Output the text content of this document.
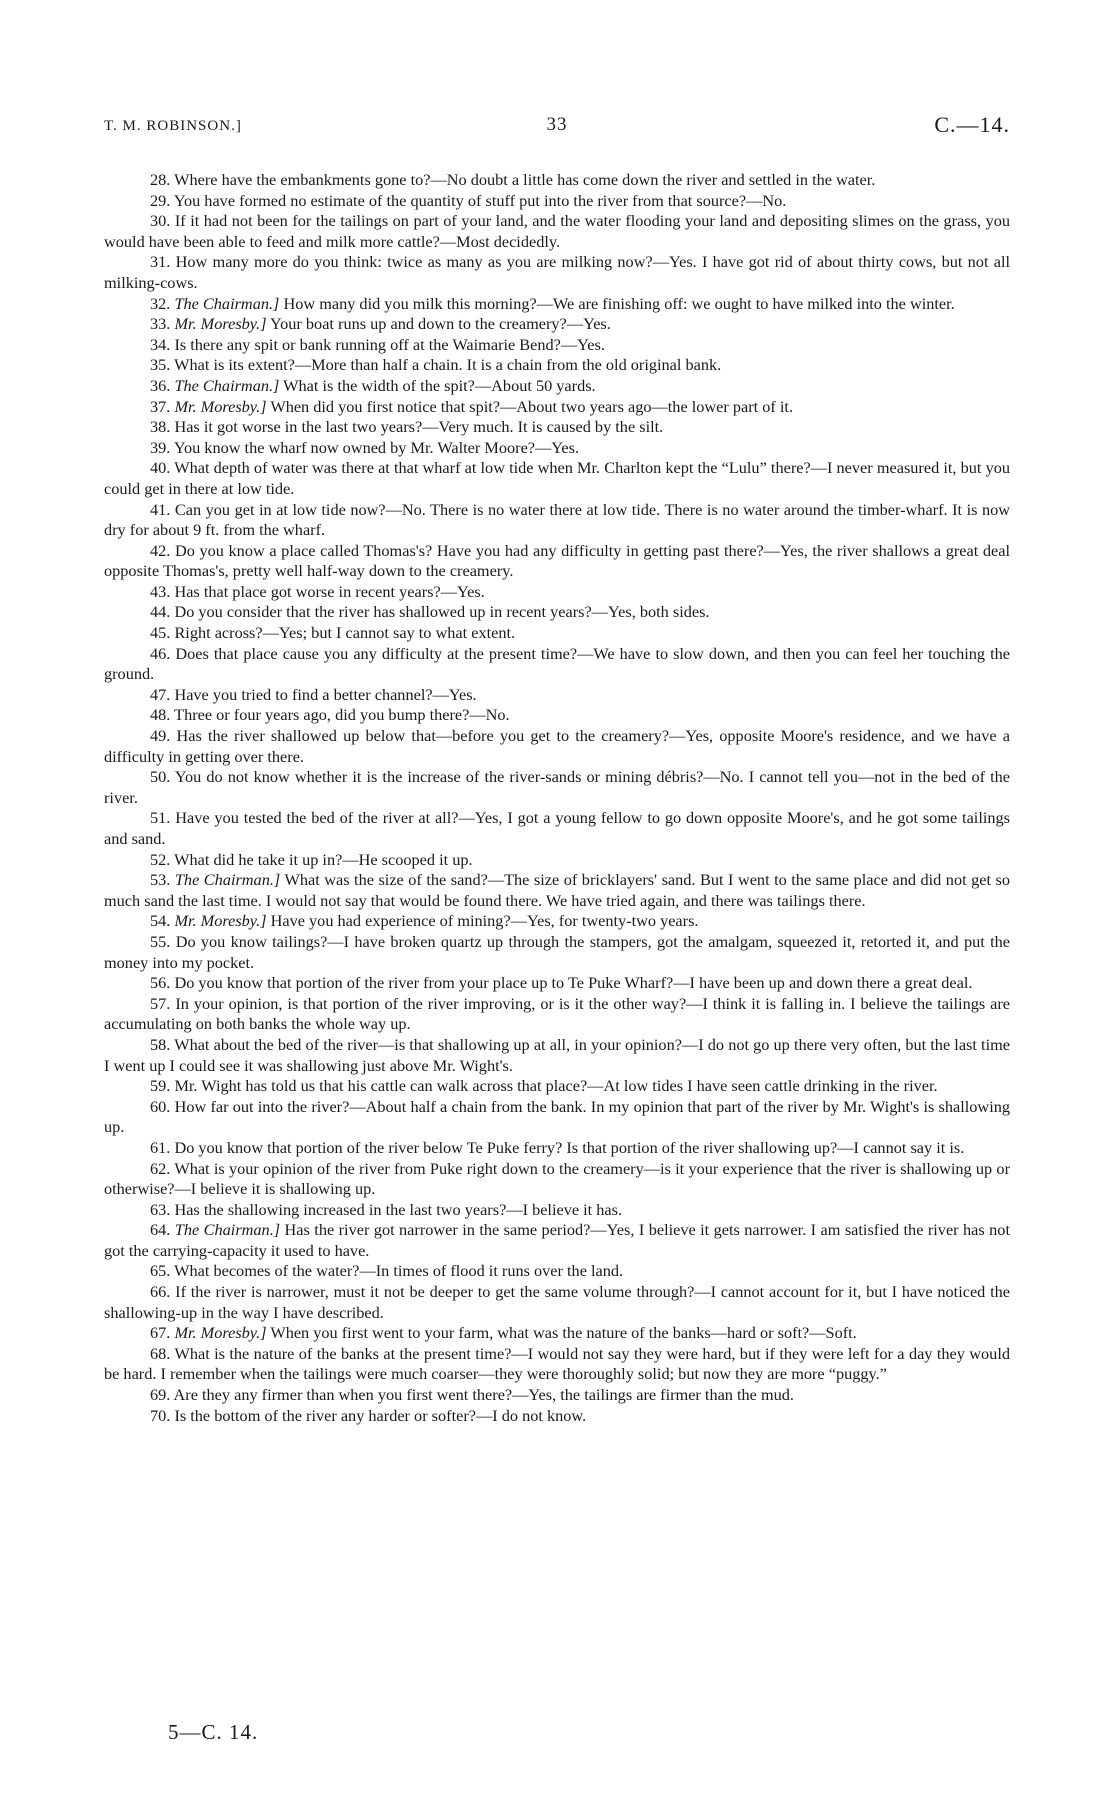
T. M. ROBINSON.]	33	C.—14.

28. Where have the embankments gone to?—No doubt a little has come down the river and settled in the water.

29. You have formed no estimate of the quantity of stuff put into the river from that source?—No.

30. If it had not been for the tailings on part of your land, and the water flooding your land and depositing slimes on the grass, you would have been able to feed and milk more cattle?—Most decidedly.

31. How many more do you think: twice as many as you are milking now?—Yes. I have got rid of about thirty cows, but not all milking-cows.

32. The Chairman.] How many did you milk this morning?—We are finishing off: we ought to have milked into the winter.

33. Mr. Moresby.] Your boat runs up and down to the creamery?—Yes.

34. Is there any spit or bank running off at the Waimarie Bend?—Yes.

35. What is its extent?—More than half a chain. It is a chain from the old original bank.

36. The Chairman.] What is the width of the spit?—About 50 yards.

37. Mr. Moresby.] When did you first notice that spit?—About two years ago—the lower part of it.

38. Has it got worse in the last two years?—Very much. It is caused by the silt.

39. You know the wharf now owned by Mr. Walter Moore?—Yes.

40. What depth of water was there at that wharf at low tide when Mr. Charlton kept the “Lulu” there?—I never measured it, but you could get in there at low tide.

41. Can you get in at low tide now?—No. There is no water there at low tide. There is no water around the timber-wharf. It is now dry for about 9 ft. from the wharf.

42. Do you know a place called Thomas's? Have you had any difficulty in getting past there?—Yes, the river shallows a great deal opposite Thomas's, pretty well half-way down to the creamery.

43. Has that place got worse in recent years?—Yes.

44. Do you consider that the river has shallowed up in recent years?—Yes, both sides.

45. Right across?—Yes; but I cannot say to what extent.

46. Does that place cause you any difficulty at the present time?—We have to slow down, and then you can feel her touching the ground.

47. Have you tried to find a better channel?—Yes.

48. Three or four years ago, did you bump there?—No.

49. Has the river shallowed up below that—before you get to the creamery?—Yes, opposite Moore's residence, and we have a difficulty in getting over there.

50. You do not know whether it is the increase of the river-sands or mining débris?—No. I cannot tell you—not in the bed of the river.

51. Have you tested the bed of the river at all?—Yes, I got a young fellow to go down opposite Moore's, and he got some tailings and sand.

52. What did he take it up in?—He scooped it up.

53. The Chairman.] What was the size of the sand?—The size of bricklayers' sand. But I went to the same place and did not get so much sand the last time. I would not say that would be found there. We have tried again, and there was tailings there.

54. Mr. Moresby.] Have you had experience of mining?—Yes, for twenty-two years.

55. Do you know tailings?—I have broken quartz up through the stampers, got the amalgam, squeezed it, retorted it, and put the money into my pocket.

56. Do you know that portion of the river from your place up to Te Puke Wharf?—I have been up and down there a great deal.

57. In your opinion, is that portion of the river improving, or is it the other way?—I think it is falling in. I believe the tailings are accumulating on both banks the whole way up.

58. What about the bed of the river—is that shallowing up at all, in your opinion?—I do not go up there very often, but the last time I went up I could see it was shallowing just above Mr. Wight's.

59. Mr. Wight has told us that his cattle can walk across that place?—At low tides I have seen cattle drinking in the river.

60. How far out into the river?—About half a chain from the bank. In my opinion that part of the river by Mr. Wight's is shallowing up.

61. Do you know that portion of the river below Te Puke ferry? Is that portion of the river shallowing up?—I cannot say it is.

62. What is your opinion of the river from Puke right down to the creamery—is it your experience that the river is shallowing up or otherwise?—I believe it is shallowing up.

63. Has the shallowing increased in the last two years?—I believe it has.

64. The Chairman.] Has the river got narrower in the same period?—Yes, I believe it gets narrower. I am satisfied the river has not got the carrying-capacity it used to have.

65. What becomes of the water?—In times of flood it runs over the land.

66. If the river is narrower, must it not be deeper to get the same volume through?—I cannot account for it, but I have noticed the shallowing-up in the way I have described.

67. Mr. Moresby.] When you first went to your farm, what was the nature of the banks—hard or soft?—Soft.

68. What is the nature of the banks at the present time?—I would not say they were hard, but if they were left for a day they would be hard. I remember when the tailings were much coarser—they were thoroughly solid; but now they are more “puggy.”

69. Are they any firmer than when you first went there?—Yes, the tailings are firmer than the mud.

70. Is the bottom of the river any harder or softer?—I do not know.

5—C. 14.
